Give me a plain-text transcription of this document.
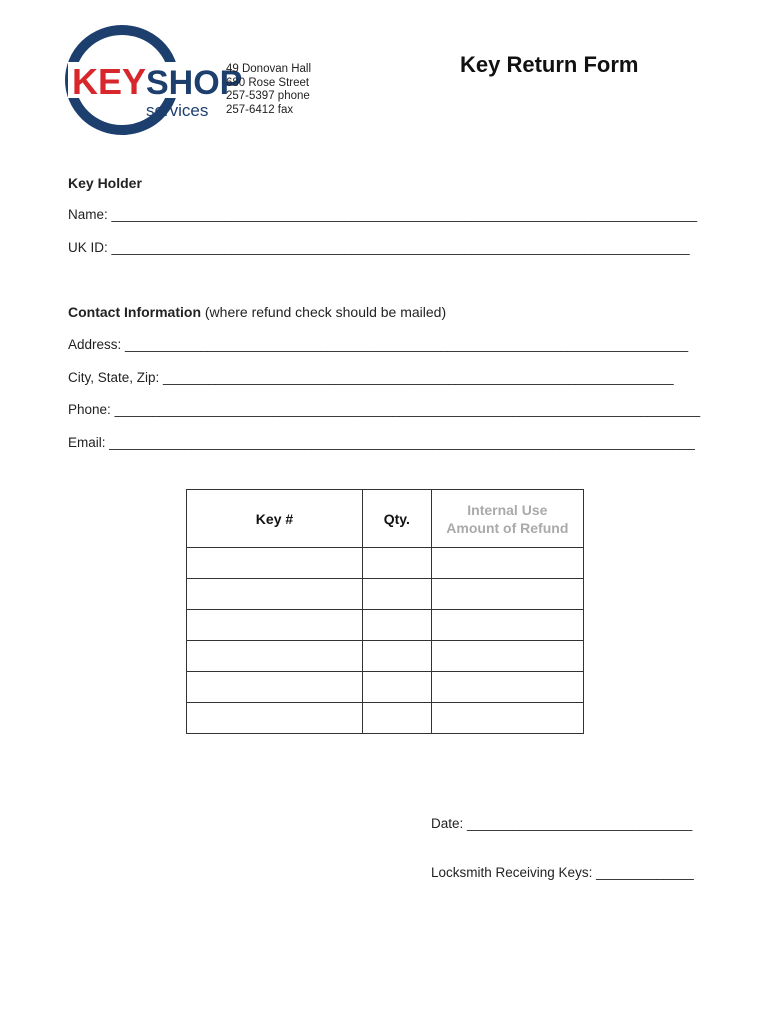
KEY SHOP
services
49 Donovan Hall
680 Rose Street
257-5397 phone
257-6412 fax
Key Return Form
Key Holder
Name: ______________________________________________________________________________
UK ID: _____________________________________________________________________________
Contact Information (where refund check should be mailed)
Address: ___________________________________________________________________________
City, State, Zip: ____________________________________________________________________
Phone: ______________________________________________________________________________
Email: ______________________________________________________________________________
Key #	Qty.	Internal Use
Amount of Refund

Date: ______________________________
Locksmith Receiving Keys: _____________
